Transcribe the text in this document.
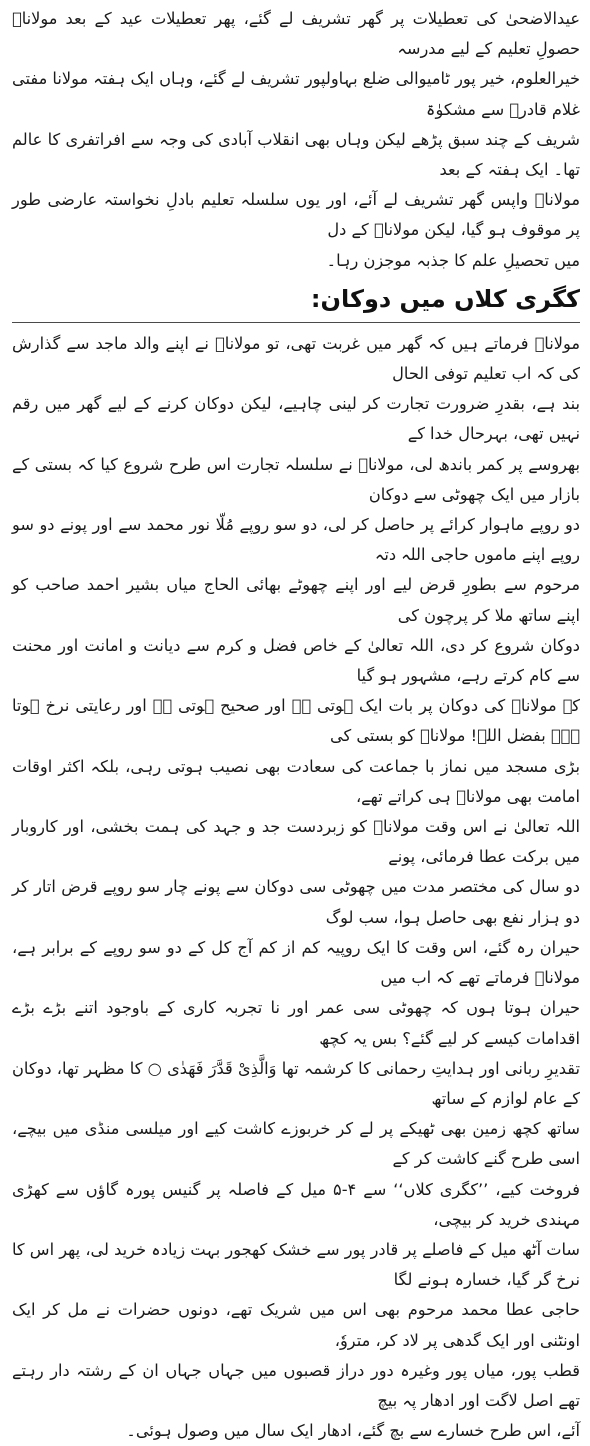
عیدالاضحیٰ کی تعطیلات پر گھر تشریف لے گئے، پھر تعطیلات عید کے بعد مولاناؒ حصولِ تعلیم کے لیے مدرسہ
خیرالعلوم، خیر پور ٹامیوالی ضلع بہاولپور تشریف لے گئے، وہاں ایک ہفتہ مولانا مفتی غلام قادرؒ سے مشکوٰۃ
شریف کے چند سبق پڑھے لیکن وہاں بھی انقلاب آبادی کی وجہ سے افراتفری کا عالم تھا۔ ایک ہفتہ کے بعد
مولاناؒ واپس گھر تشریف لے آئے، اور یوں سلسلہ تعلیم بادلِ نخواستہ عارضی طور پر موقوف ہو گیا، لیکن مولاناؒ کے دل
میں تحصیلِ علم کا جذبہ موجزن رہا۔

کگری کلاں میں دوکان:

مولاناؒ فرماتے ہیں کہ گھر میں غربت تھی، تو مولاناؒ نے اپنے والد ماجد سے گذارش کی کہ اب تعلیم توفی الحال
بند ہے، بقدرِ ضرورت تجارت کر لینی چاہیے، لیکن دوکان کرنے کے لیے گھر میں رقم نہیں تھی، بہرحال خدا کے
بھروسے پر کمر باندھ لی، مولاناؒ نے سلسلہ تجارت اس طرح شروع کیا کہ بستی کے بازار میں ایک چھوٹی سے دوکان
دو روپے ماہوار کرائے پر حاصل کر لی، دو سو روپے مُلّا نور محمد سے اور پونے دو سو روپے اپنے ماموں حاجی اللہ دتہ
مرحوم سے بطورِ قرض لیے اور اپنے چھوٹے بھائی الحاج میاں بشیر احمد صاحب کو اپنے ساتھ ملا کر پرچون کی
دوکان شروع کر دی، اللہ تعالیٰ کے خاص فضل و کرم سے دیانت و امانت اور محنت سے کام کرتے رہے، مشہور ہو گیا
کہ مولاناؒ کی دوکان پر بات ایک ہوتی ہے اور صحیح ہوتی ہے اور رعایتی نرخ ہوتا ہے۔ بفضل اللہ! مولاناؒ کو بستی کی
بڑی مسجد میں نماز با جماعت کی سعادت بھی نصیب ہوتی رہی، بلکہ اکثر اوقات امامت بھی مولاناؒ ہی کراتے تھے،
اللہ تعالیٰ نے اس وقت مولاناؒ کو زبردست جد و جہد کی ہمت بخشی، اور کاروبار میں برکت عطا فرمائی، پونے
دو سال کی مختصر مدت میں چھوٹی سی دوکان سے پونے چار سو روپے قرض اتار کر دو ہزار نفع بھی حاصل ہوا، سب لوگ
حیران رہ گئے، اس وقت کا ایک روپیہ کم از کم آج کل کے دو سو روپے کے برابر ہے، مولاناؒ فرماتے تھے کہ اب میں
حیران ہوتا ہوں کہ چھوٹی سی عمر اور نا تجربہ کاری کے باوجود اتنے بڑے بڑے اقدامات کیسے کر لیے گئے؟ بس یہ کچھ
تقدیرِ ربانی اور ہدایتِ رحمانی کا کرشمہ تھا وَالَّذِیْ قَدَّرَ فَهَدٰی ○ کا مظہر تھا، دوکان کے عام لوازم کے ساتھ
ساتھ کچھ زمین بھی ٹھیکے پر لے کر خربوزے کاشت کیے اور میلسی منڈی میں بیچے، اسی طرح گنے کاشت کر کے
فروخت کیے، ’’کگری کلاں‘‘ سے ۴-۵ میل کے فاصلہ پر گنیس پورہ گاؤں سے کھڑی مہندی خرید کر بیچی،
سات آٹھ میل کے فاصلے پر قادر پور سے خشک کھجور بہت زیادہ خرید لی، پھر اس کا نرخ گر گیا، خسارہ ہونے لگا
حاجی عطا محمد مرحوم بھی اس میں شریک تھے، دونوں حضرات نے مل کر ایک اونٹنی اور ایک گدھی پر لاد کر، متروٗ،
قطب پور، میاں پور وغیرہ دور دراز قصبوں میں جہاں جہاں ان کے رشتہ دار رہتے تھے اصل لاگت اور ادھار پہ بیچ
آئے، اس طرح خسارے سے بچ گئے، ادھار ایک سال میں وصول ہوئی۔
